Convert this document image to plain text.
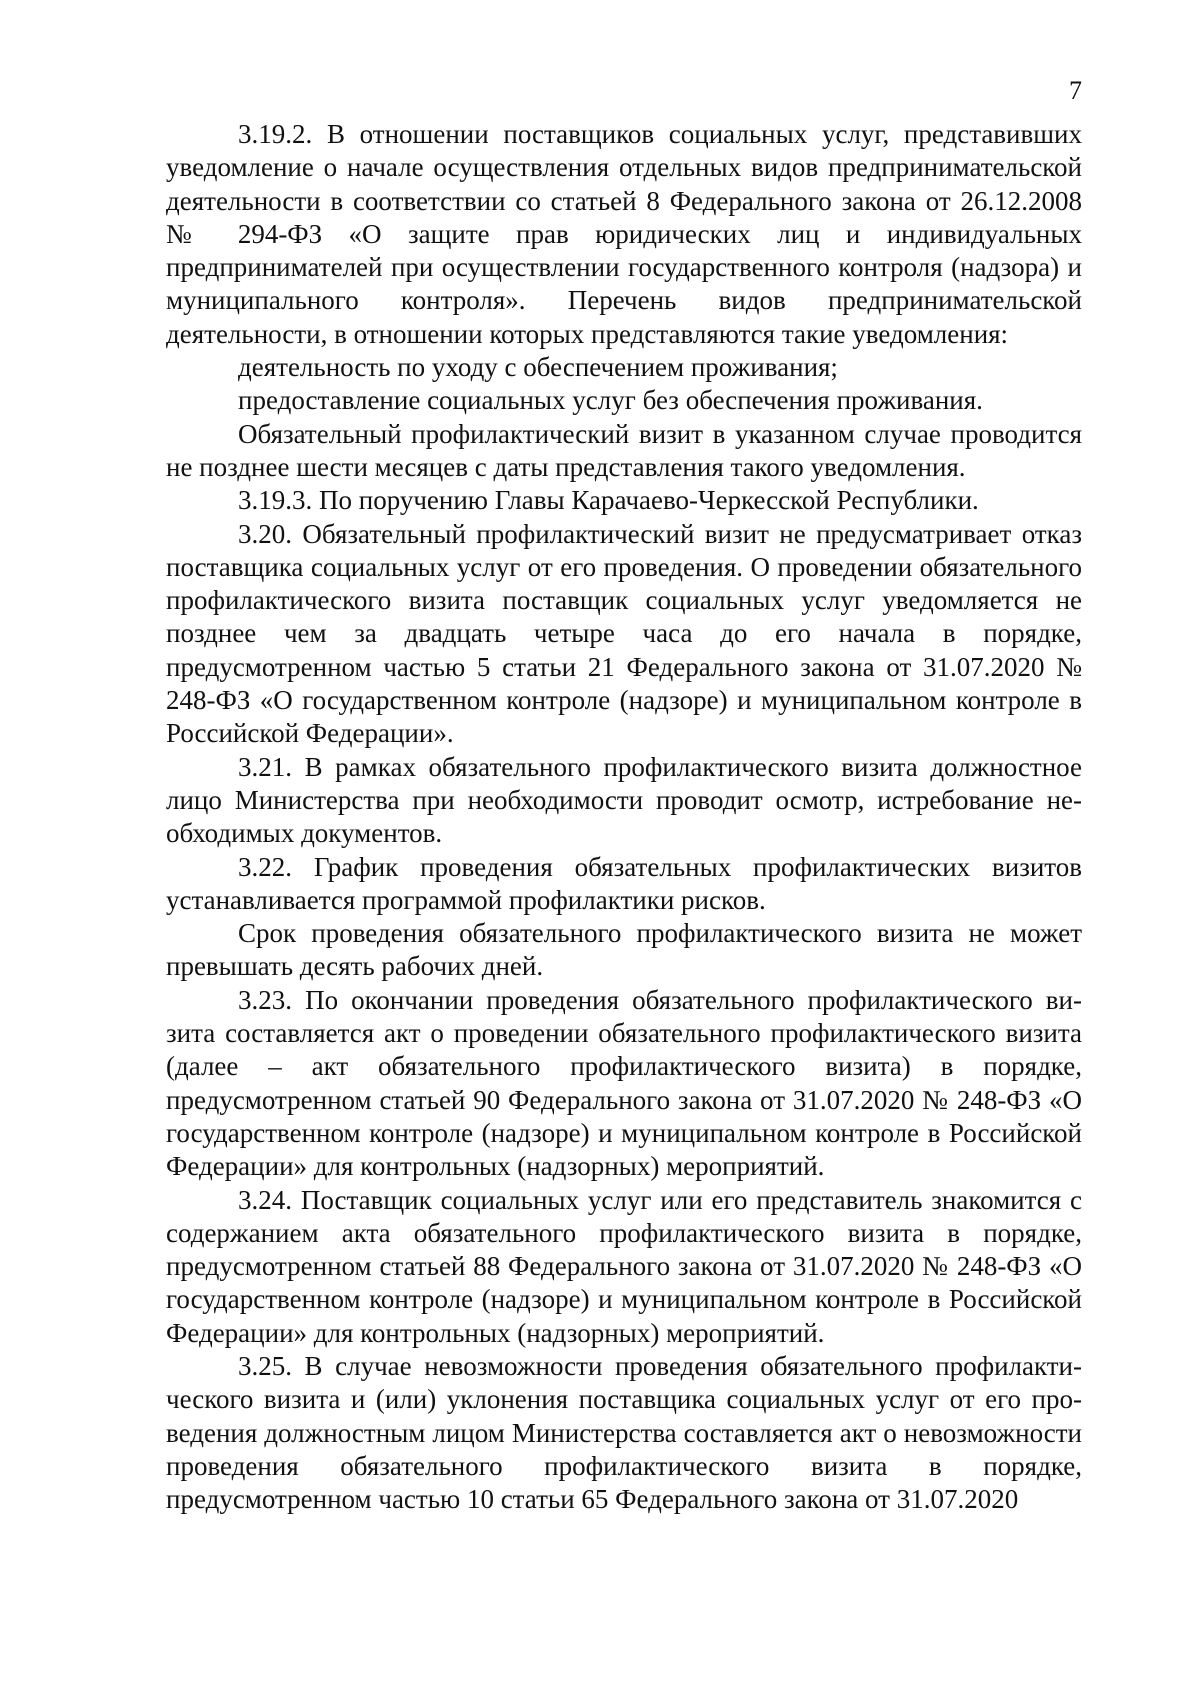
7

3.19.2. В отношении поставщиков социальных услуг, представивших уведомление о начале осуществления отдельных видов предпринимательской деятельности в соответствии со статьей 8 Федерального закона от 26.12.2008 № 294-ФЗ «О защите прав юридических лиц и индивидуальных предпринимателей при осуществлении государственного контроля (надзора) и муниципального контроля». Перечень видов предпринимательской деятельности, в отношении которых представляются такие уведомления:

деятельность по уходу с обеспечением проживания;

предоставление социальных услуг без обеспечения проживания.

Обязательный профилактический визит в указанном случае проводится не позднее шести месяцев с даты представления такого уведомления.

3.19.3. По поручению Главы Карачаево-Черкесской Республики.

3.20. Обязательный профилактический визит не предусматривает отказ поставщика социальных услуг от его проведения. О проведении обязательного профилактического визита поставщик социальных услуг уведомляется не позднее чем за двадцать четыре часа до его начала в порядке, предусмотренном частью 5 статьи 21 Федерального закона от 31.07.2020 № 248-ФЗ «О государственном контроле (надзоре) и муниципальном контроле в Российской Федерации».

3.21. В рамках обязательного профилактического визита должностное лицо Министерства при необходимости проводит осмотр, истребование необходимых документов.

3.22. График проведения обязательных профилактических визитов устанавливается программой профилактики рисков.

Срок проведения обязательного профилактического визита не может превышать десять рабочих дней.

3.23. По окончании проведения обязательного профилактического визита составляется акт о проведении обязательного профилактического визита (далее – акт обязательного профилактического визита) в порядке, предусмотренном статьей 90 Федерального закона от 31.07.2020 № 248-ФЗ «О государственном контроле (надзоре) и муниципальном контроле в Российской Федерации» для контрольных (надзорных) мероприятий.

3.24. Поставщик социальных услуг или его представитель знакомится с содержанием акта обязательного профилактического визита в порядке, предусмотренном статьей 88 Федерального закона от 31.07.2020 № 248-ФЗ «О государственном контроле (надзоре) и муниципальном контроле в Российской Федерации» для контрольных (надзорных) мероприятий.

3.25. В случае невозможности проведения обязательного профилактического визита и (или) уклонения поставщика социальных услуг от его проведения должностным лицом Министерства составляется акт о невозможности проведения обязательного профилактического визита в порядке, предусмотренном частью 10 статьи 65 Федерального закона от 31.07.2020
